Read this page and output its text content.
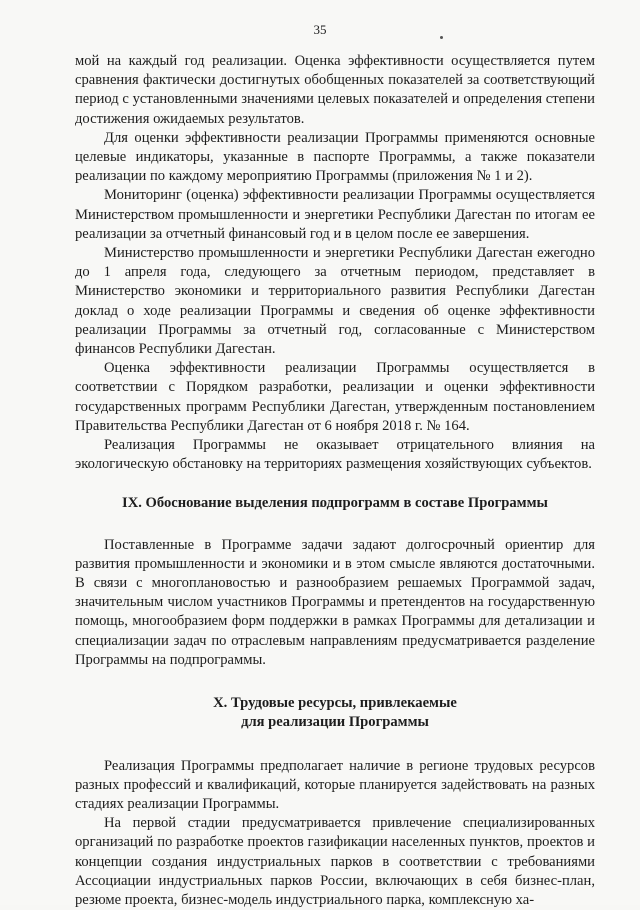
35

мой на каждый год реализации. Оценка эффективности осуществляется путем сравнения фактически достигнутых обобщенных показателей за соответствующий период с установленными значениями целевых показателей и определения степени достижения ожидаемых результатов.

Для оценки эффективности реализации Программы применяются основные целевые индикаторы, указанные в паспорте Программы, а также показатели реализации по каждому мероприятию Программы (приложения № 1 и 2).

Мониторинг (оценка) эффективности реализации Программы осуществляется Министерством промышленности и энергетики Республики Дагестан по итогам ее реализации за отчетный финансовый год и в целом после ее завершения.

Министерство промышленности и энергетики Республики Дагестан ежегодно до 1 апреля года, следующего за отчетным периодом, представляет в Министерство экономики и территориального развития Республики Дагестан доклад о ходе реализации Программы и сведения об оценке эффективности реализации Программы за отчетный год, согласованные с Министерством финансов Республики Дагестан.

Оценка эффективности реализации Программы осуществляется в соответствии с Порядком разработки, реализации и оценки эффективности государственных программ Республики Дагестан, утвержденным постановлением Правительства Республики Дагестан от 6 ноября 2018 г. № 164.

Реализация Программы не оказывает отрицательного влияния на экологическую обстановку на территориях размещения хозяйствующих субъектов.

IX. Обоснование выделения подпрограмм в составе Программы

Поставленные в Программе задачи задают долгосрочный ориентир для развития промышленности и экономики и в этом смысле являются достаточными. В связи с многоплановостью и разнообразием решаемых Программой задач, значительным числом участников Программы и претендентов на государственную помощь, многообразием форм поддержки в рамках Программы для детализации и специализации задач по отраслевым направлениям предусматривается разделение Программы на подпрограммы.

X. Трудовые ресурсы, привлекаемые
для реализации Программы

Реализация Программы предполагает наличие в регионе трудовых ресурсов разных профессий и квалификаций, которые планируется задействовать на разных стадиях реализации Программы.

На первой стадии предусматривается привлечение специализированных организаций по разработке проектов газификации населенных пунктов, проектов и концепции создания индустриальных парков в соответствии с требованиями Ассоциации индустриальных парков России, включающих в себя бизнес-план, резюме проекта, бизнес-модель индустриального парка, комплексную ха-
